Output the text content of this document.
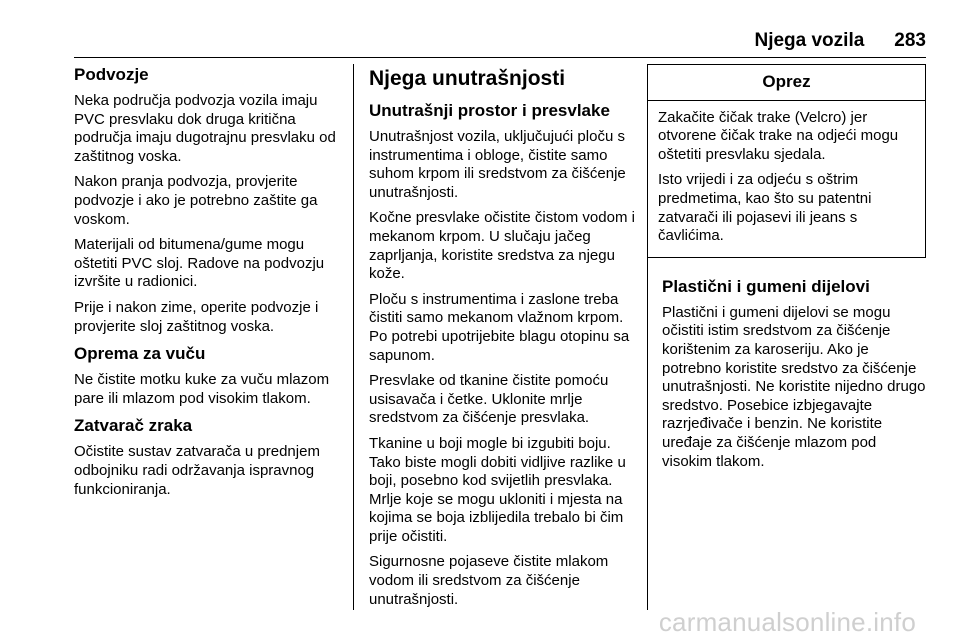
Njega vozila 283
Podvozje

Neka područja podvozja vozila imaju PVC presvlaku dok druga kritična područja imaju dugotrajnu presvlaku od zaštitnog voska.

Nakon pranja podvozja, provjerite podvozje i ako je potrebno zaštite ga voskom.

Materijali od bitumena/gume mogu oštetiti PVC sloj. Radove na podvozju izvršite u radionici.

Prije i nakon zime, operite podvozje i provjerite sloj zaštitnog voska.

Oprema za vuču

Ne čistite motku kuke za vuču mlazom pare ili mlazom pod visokim tlakom.

Zatvarač zraka

Očistite sustav zatvarača u prednjem odbojniku radi održavanja ispravnog funkcioniranja.

Njega unutrašnjosti
Unutrašnji prostor i presvlake

Unutrašnjost vozila, uključujući ploču s instrumentima i obloge, čistite samo suhom krpom ili sredstvom za čišćenje unutrašnjosti.

Kočne presvlake očistite čistom vodom i mekanom krpom. U slučaju jačeg zaprljanja, koristite sredstva za njegu kože.

Ploču s instrumentima i zaslone treba čistiti samo mekanom vlažnom krpom. Po potrebi upotrijebite blagu otopinu sa sapunom.

Presvlake od tkanine čistite pomoću usisavača i četke. Uklonite mrlje sredstvom za čišćenje presvlaka.

Tkanine u boji mogle bi izgubiti boju. Tako biste mogli dobiti vidljive razlike u boji, posebno kod svijetlih presvlaka. Mrlje koje se mogu ukloniti i mjesta na kojima se boja izblijedila trebalo bi čim prije očistiti.

Sigurnosne pojaseve čistite mlakom vodom ili sredstvom za čišćenje unutrašnjosti.

Oprez

Zakačite čičak trake (Velcro) jer otvorene čičak trake na odjeći mogu oštetiti presvlaku sjedala.

Isto vrijedi i za odjeću s oštrim predmetima, kao što su patentni zatvarači ili pojasevi ili jeans s čavlićima.

Plastični i gumeni dijelovi

Plastični i gumeni dijelovi se mogu očistiti istim sredstvom za čišćenje korištenim za karoseriju. Ako je potrebno koristite sredstvo za čišćenje unutrašnjosti. Ne koristite nijedno drugo sredstvo. Posebice izbjegavajte razrjeđivače i benzin. Ne koristite uređaje za čišćenje mlazom pod visokim tlakom.

carmanualsonline.info
